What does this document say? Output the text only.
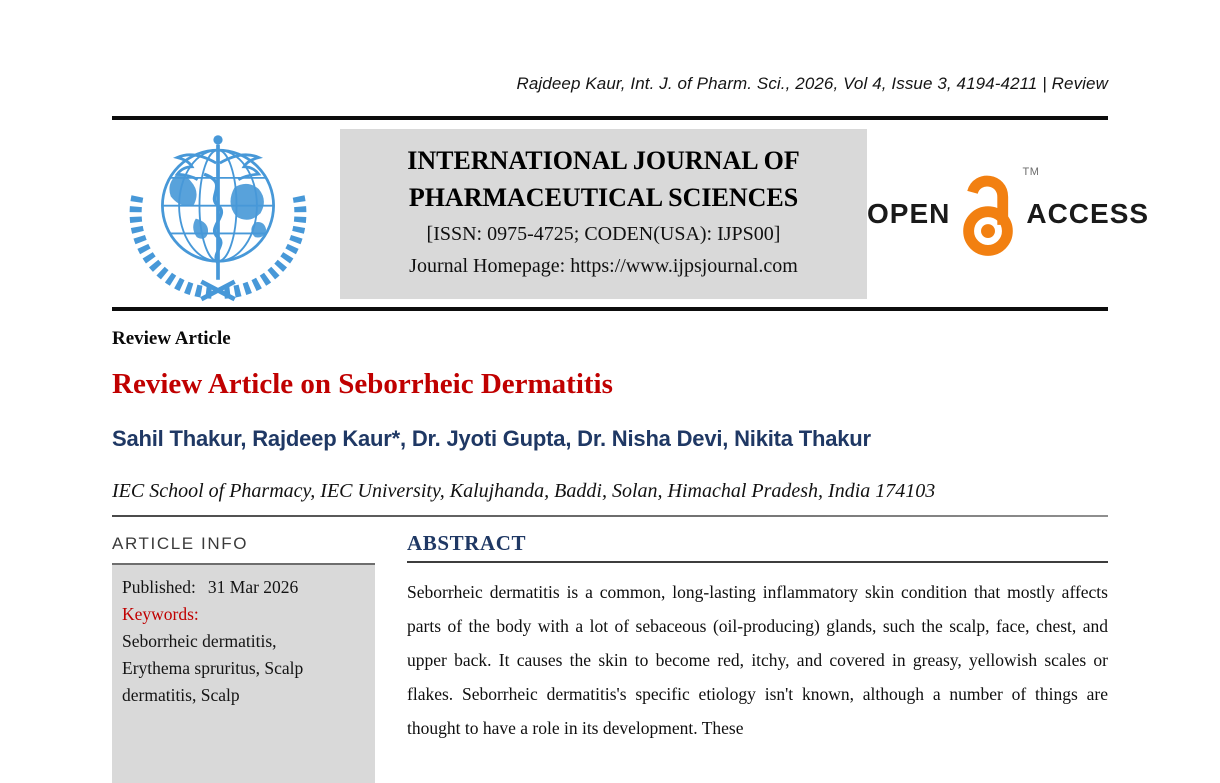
Rajdeep Kaur, Int. J. of Pharm. Sci., 2026, Vol 4, Issue 3, 4194-4211 | Review
INTERNATIONAL JOURNAL OF
PHARMACEUTICAL SCIENCES
[ISSN: 0975-4725; CODEN(USA): IJPS00]
Journal Homepage: https://www.ijpsjournal.com
OPEN
TM
ACCESS
Review Article
Review Article on Seborrheic Dermatitis
Sahil Thakur, Rajdeep Kaur*, Dr. Jyoti Gupta, Dr. Nisha Devi, Nikita Thakur
IEC School of Pharmacy, IEC University, Kalujhanda, Baddi, Solan, Himachal Pradesh, India 174103
ARTICLE INFO
Published: 31 Mar 2026
Keywords:
Seborrheic dermatitis, Erythema spruritus, Scalp dermatitis, Scalp
ABSTRACT
Seborrheic dermatitis is a common, long-lasting inflammatory skin condition that mostly affects parts of the body with a lot of sebaceous (oil-producing) glands, such the scalp, face, chest, and upper back. It causes the skin to become red, itchy, and covered in greasy, yellowish scales or flakes. Seborrheic dermatitis's specific etiology isn't known, although a number of things are thought to have a role in its development. These
